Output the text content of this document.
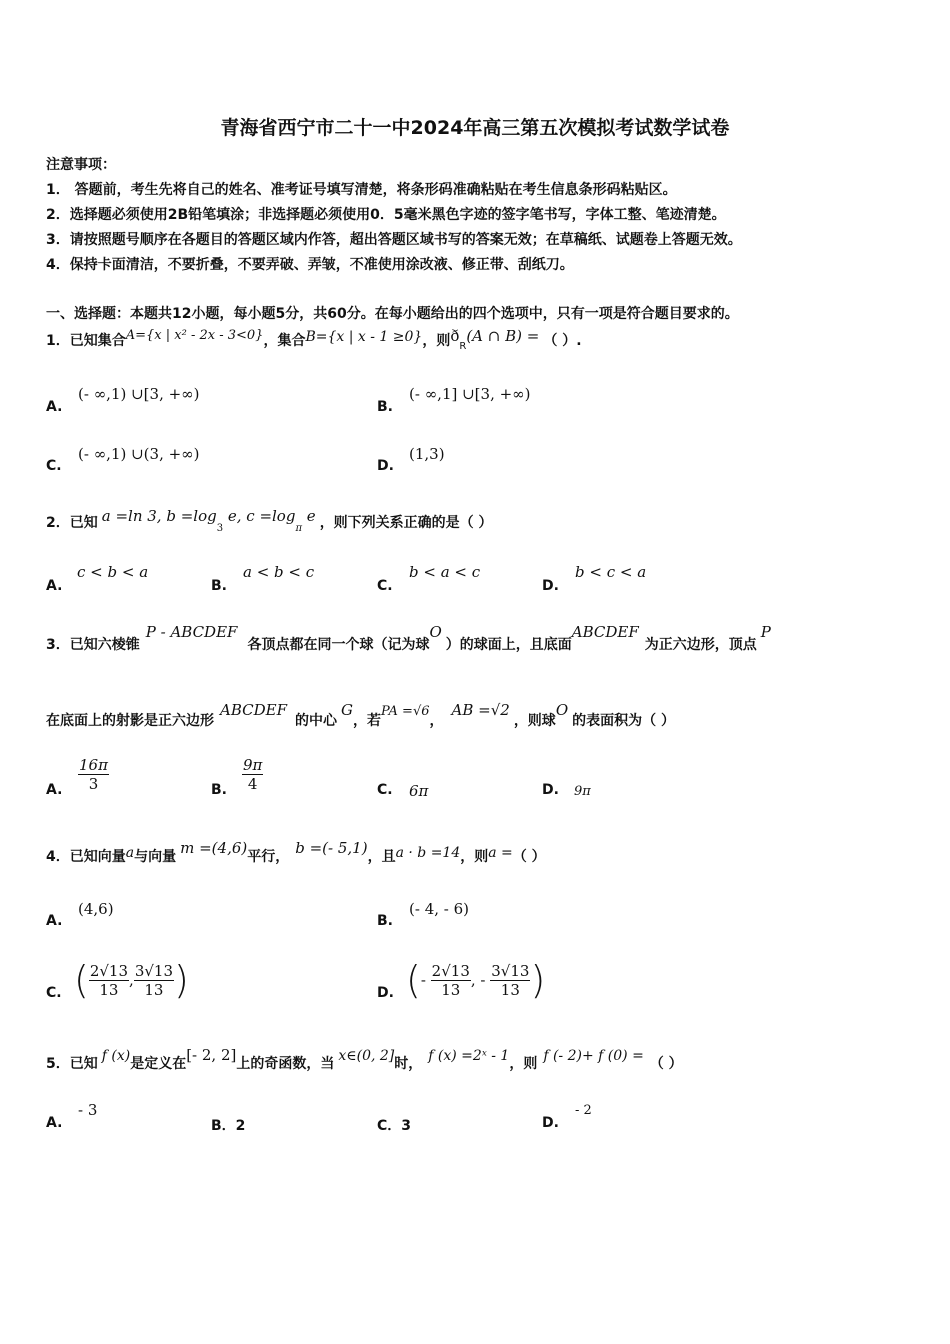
青海省西宁市二十一中2024年高三第五次模拟考试数学试卷
注意事项：
1． 答题前，考生先将自己的姓名、准考证号填写清楚，将条形码准确粘贴在考生信息条形码粘贴区。
2．选择题必须使用2B铅笔填涂；非选择题必须使用0．5毫米黑色字迹的签字笔书写，字体工整、笔迹清楚。
3．请按照题号顺序在各题目的答题区域内作答，超出答题区域书写的答案无效；在草稿纸、试题卷上答题无效。
4．保持卡面清洁，不要折叠，不要弄破、弄皱，不准使用涂改液、修正带、刮纸刀。
一、选择题：本题共12小题，每小题5分，共60分。在每小题给出的四个选项中，只有一项是符合题目要求的。
1．已知集合$^{A=\{x | x^2 - 2x - 3<0\}}$，集合B={x | x - 1 ≥0}，则$ð_R(A$ ∩ B) = （ ）.
A.
(- ∞,1) ∪[3, +∞)
B.
(- ∞,1] ∪[3, +∞)
C.
(- ∞,1) ∪(3, +∞)
D.
(1,3)
2．已知 a =ln 3, $b =\log_3$ e, $c =\log_\pi$ e ，则下列关系正确的是（ ）
A.
c < b < a
B.
a < b < c
C.
b < a < c
D.
b < c < a
3．已知六棱锥P - ABCDEF各顶点都在同一个球（记为球O）的球面上，且底面ABCDEF为正六边形，顶点P
在底面上的射影是正六边形ABCDEF的中心G，若PA =√6，AB =√2，则球O的表面积为（ ）
A. $\frac{16\pi}{3}$	B. $\frac{9\pi}{4}$	C. 6π	D. 9π
4．已知向量a与向量 m =(4,6)平行， b =(- 5,1)，且a · b =14，则a =（ ）
A.
(4,6)
B.
(- 4, - 6)
C. ( $\frac{2√13}{13}$ , $\frac{3√13}{13}$ )	D. (- $\frac{2√13}{13}$ , - $\frac{3√13}{13}$ )
5．已知 f (x)是定义在[- 2, 2]上的奇函数，当 x∈(0, 2]时， f (x) =2ˣ - 1，则 f (- 2)+ f (0) = （ ）
A.
- 3
B．2	C．3	D.
- 2
